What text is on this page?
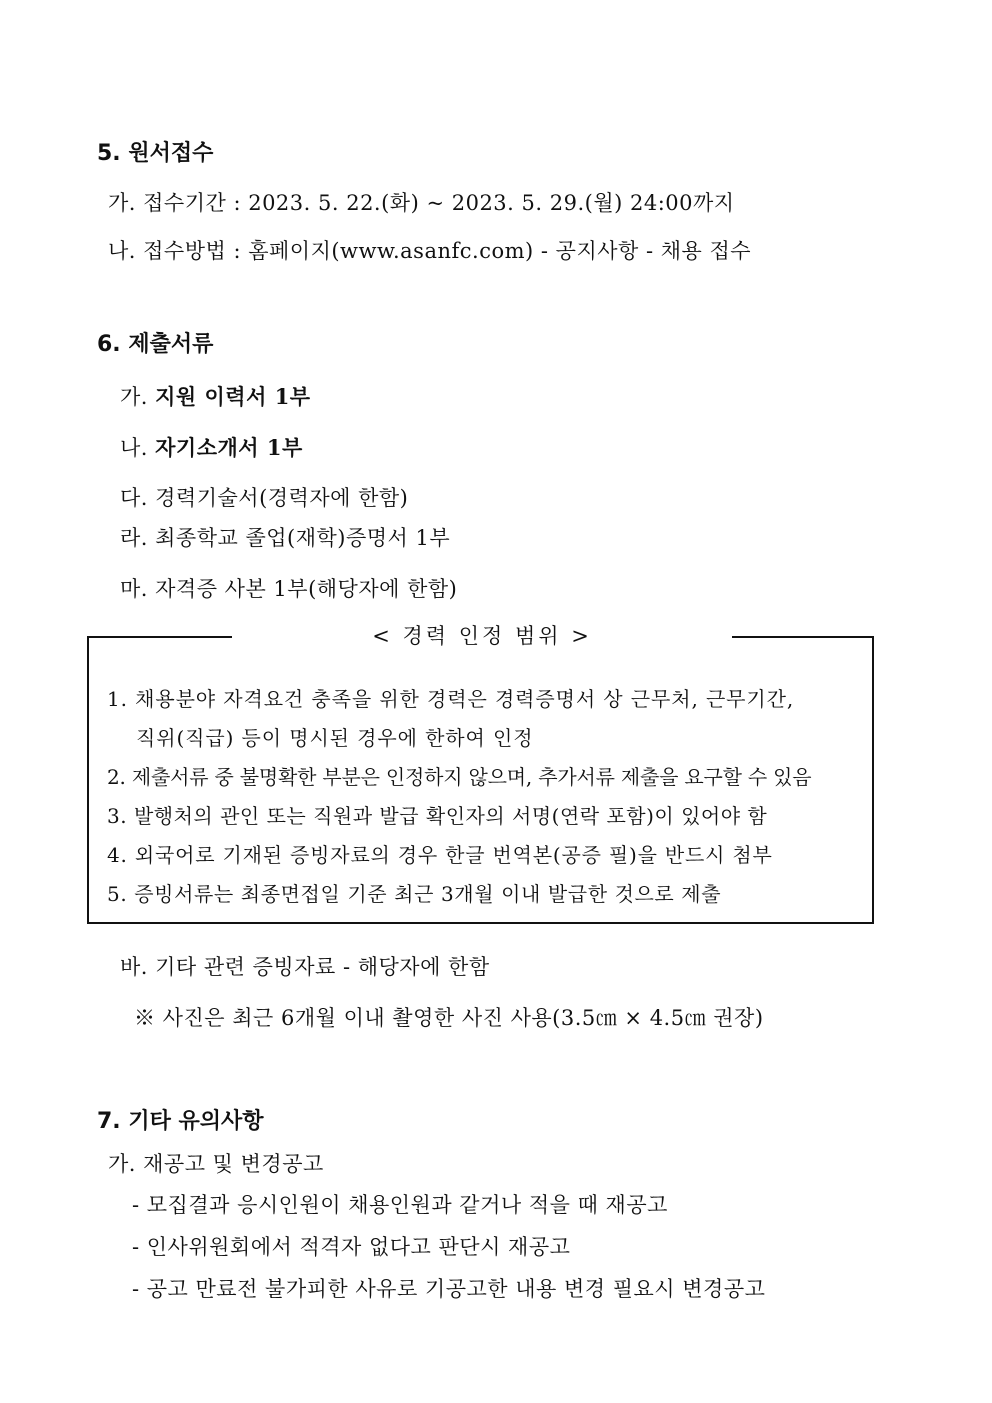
5. 원서접수
가. 접수기간 : 2023. 5. 22.(화) ~ 2023. 5. 29.(월) 24:00까지
나. 접수방법 : 홈페이지(www.asanfc.com) - 공지사항 - 채용 접수
6. 제출서류
가. 지원 이력서 1부
나. 자기소개서 1부
다. 경력기술서(경력자에 한함)
라. 최종학교 졸업(재학)증명서 1부
마. 자격증 사본 1부(해당자에 한함)
< 경력 인정 범위 >
1. 채용분야 자격요건 충족을 위한 경력은 경력증명서 상 근무처, 근무기간,
직위(직급) 등이 명시된 경우에 한하여 인정
2. 제출서류 중 불명확한 부분은 인정하지 않으며, 추가서류 제출을 요구할 수 있음
3. 발행처의 관인 또는 직원과 발급 확인자의 서명(연락 포함)이 있어야 함
4. 외국어로 기재된 증빙자료의 경우 한글 번역본(공증 필)을 반드시 첨부
5. 증빙서류는 최종면접일 기준 최근 3개월 이내 발급한 것으로 제출
바. 기타 관련 증빙자료 - 해당자에 한함
※ 사진은 최근 6개월 이내 촬영한 사진 사용(3.5㎝ × 4.5㎝ 권장)
7. 기타 유의사항
가. 재공고 및 변경공고
- 모집결과 응시인원이 채용인원과 같거나 적을 때 재공고
- 인사위원회에서 적격자 없다고 판단시 재공고
- 공고 만료전 불가피한 사유로 기공고한 내용 변경 필요시 변경공고
